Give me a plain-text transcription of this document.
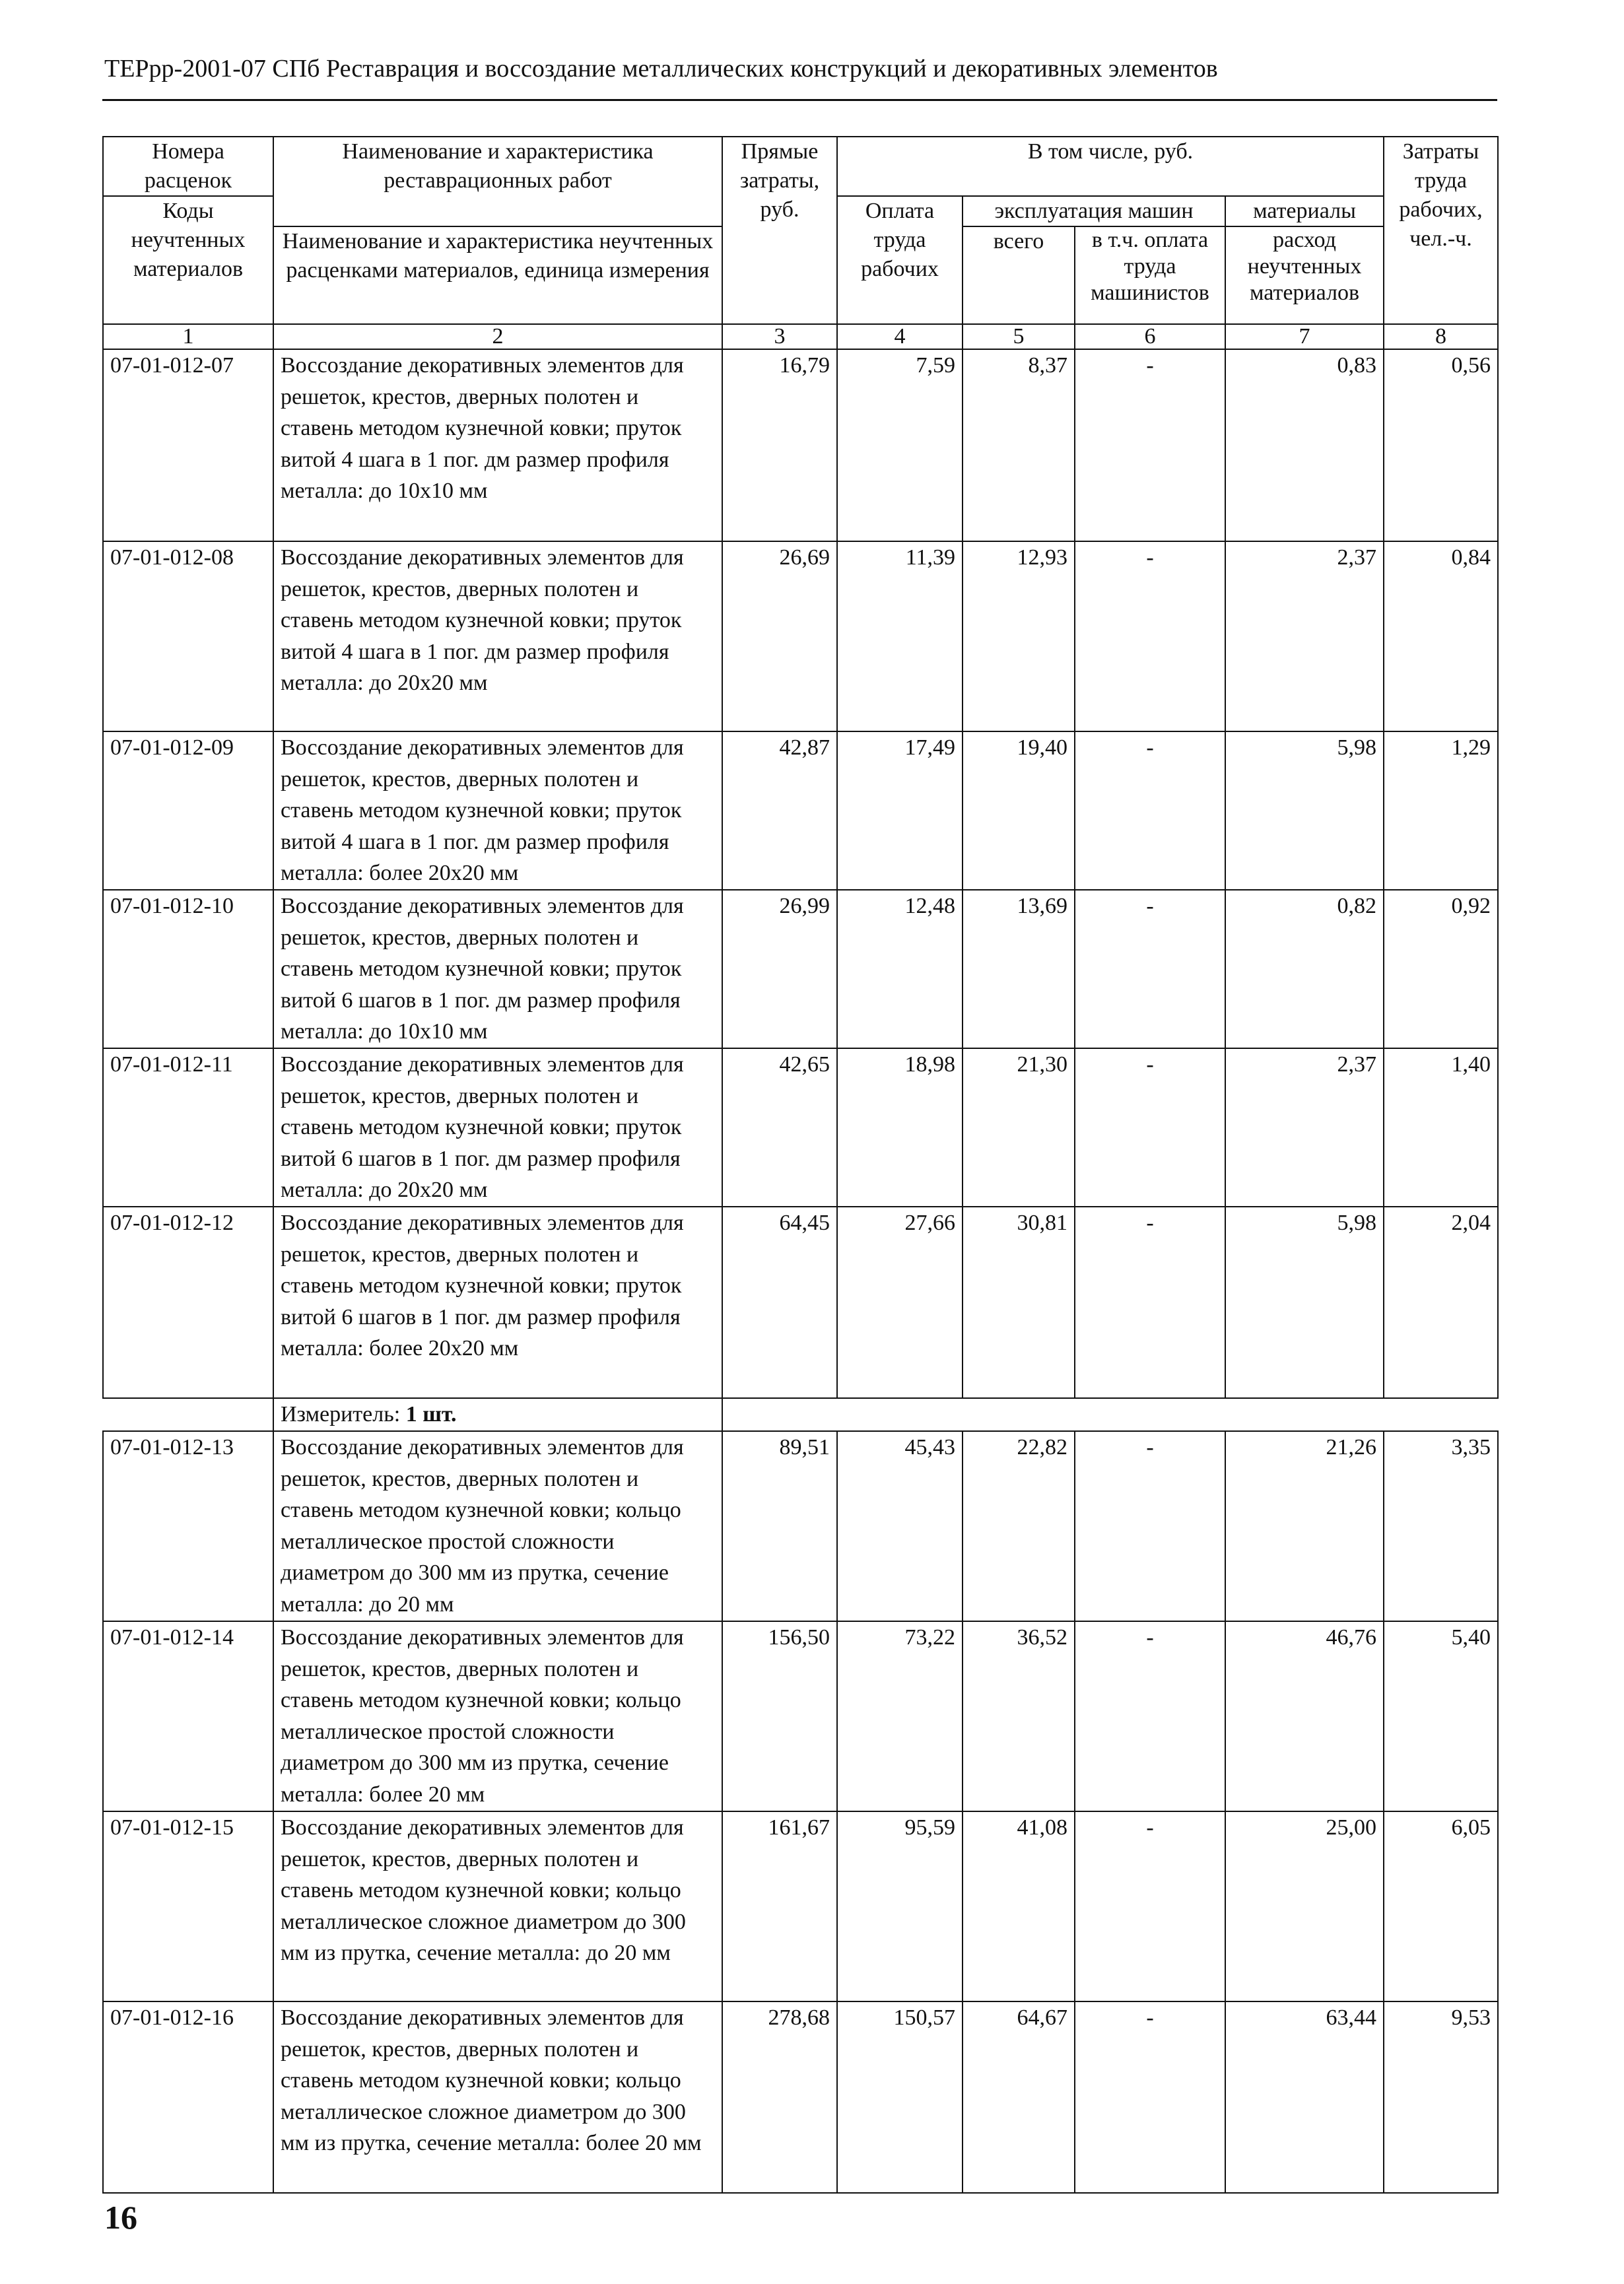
ТЕРрр-2001-07 СПб Реставрация и воссоздание металлических конструкций и декоративных элементов
Номера расценок	Наименование и характеристика реставрационных работ	Прямые затраты, руб.	В том числе, руб.				Затраты труда рабочих, чел.-ч.
Коды неучтенных материалов			Оплата труда рабочих	эксплуатация машин		материалы	
	Наименование и характеристика неучтенных расценками материалов, единица измерения			всего	в т.ч. оплата труда машинистов	расход неучтенных материалов	

1	2	3	4	5	6	7	8
07-01-012-07	Воссоздание декоративных элементов для решеток, крестов, дверных полотен и ставень методом кузнечной ковки; пруток витой 4 шага в 1 пог. дм размер профиля металла: до 10х10 мм	16,79	7,59	8,37	-	0,83	0,56
07-01-012-08	Воссоздание декоративных элементов для решеток, крестов, дверных полотен и ставень методом кузнечной ковки; пруток витой 4 шага в 1 пог. дм размер профиля металла: до 20х20 мм	26,69	11,39	12,93	-	2,37	0,84
07-01-012-09	Воссоздание декоративных элементов для решеток, крестов, дверных полотен и ставень методом кузнечной ковки; пруток витой 4 шага в 1 пог. дм размер профиля металла: более 20х20 мм	42,87	17,49	19,40	-	5,98	1,29
07-01-012-10	Воссоздание декоративных элементов для решеток, крестов, дверных полотен и ставень методом кузнечной ковки; пруток витой 6 шагов в 1 пог. дм размер профиля металла: до 10х10 мм	26,99	12,48	13,69	-	0,82	0,92
07-01-012-11	Воссоздание декоративных элементов для решеток, крестов, дверных полотен и ставень методом кузнечной ковки; пруток витой 6 шагов в 1 пог. дм размер профиля металла: до 20х20 мм	42,65	18,98	21,30	-	2,37	1,40
07-01-012-12	Воссоздание декоративных элементов для решеток, крестов, дверных полотен и ставень методом кузнечной ковки; пруток витой 6 шагов в 1 пог. дм размер профиля металла: более 20х20 мм	64,45	27,66	30,81	-	5,98	2,04
	Измеритель: 1 шт.						
07-01-012-13	Воссоздание декоративных элементов для решеток, крестов, дверных полотен и ставень методом кузнечной ковки; кольцо металлическое простой сложности диаметром до 300 мм из прутка, сечение металла: до 20 мм	89,51	45,43	22,82	-	21,26	3,35
07-01-012-14	Воссоздание декоративных элементов для решеток, крестов, дверных полотен и ставень методом кузнечной ковки; кольцо металлическое простой сложности диаметром до 300 мм из прутка, сечение металла: более 20 мм	156,50	73,22	36,52	-	46,76	5,40
07-01-012-15	Воссоздание декоративных элементов для решеток, крестов, дверных полотен и ставень методом кузнечной ковки; кольцо металлическое сложное диаметром до 300 мм из прутка, сечение металла: до 20 мм	161,67	95,59	41,08	-	25,00	6,05
07-01-012-16	Воссоздание декоративных элементов для решеток, крестов, дверных полотен и ставень методом кузнечной ковки; кольцо металлическое сложное диаметром до 300 мм из прутка, сечение металла: более 20 мм	278,68	150,57	64,67	-	63,44	9,53
16
